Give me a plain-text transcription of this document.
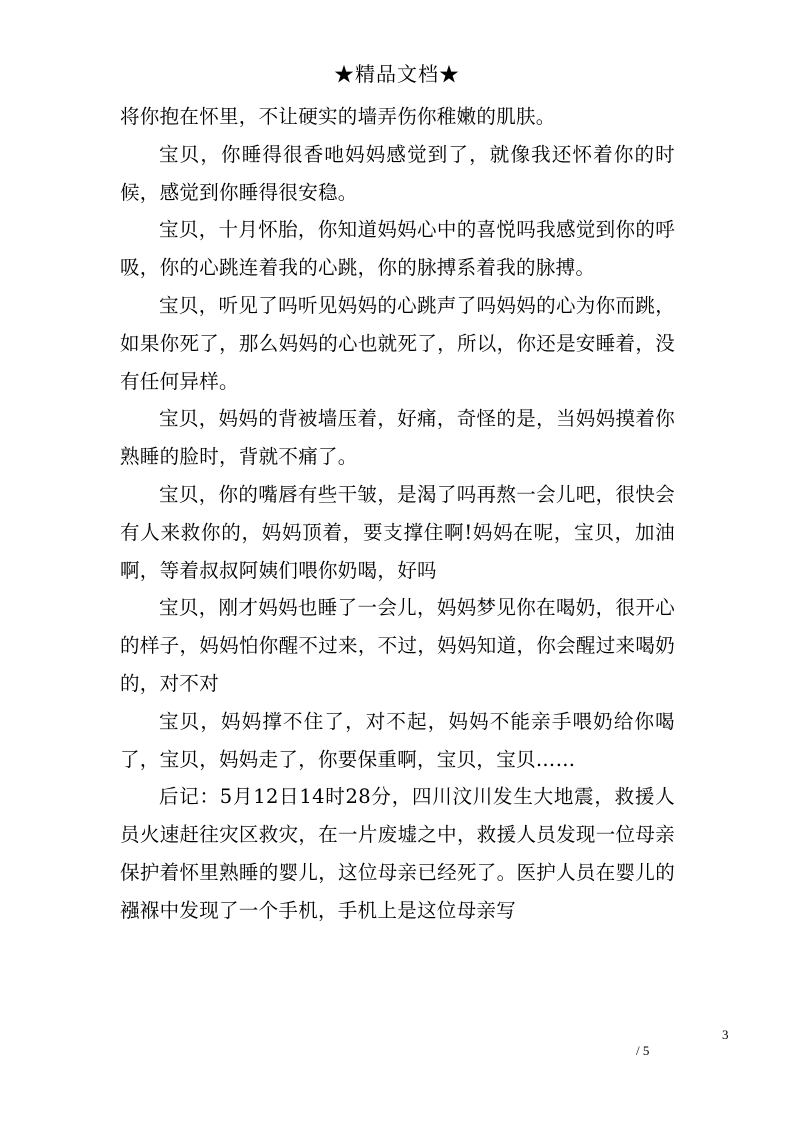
★精品文档★

将你抱在怀里，不让硬实的墙弄伤你稚嫩的肌肤。

宝贝，你睡得很香吔妈妈感觉到了，就像我还怀着你的时候，感觉到你睡得很安稳。

宝贝，十月怀胎，你知道妈妈心中的喜悦吗我感觉到你的呼吸，你的心跳连着我的心跳，你的脉搏系着我的脉搏。

宝贝，听见了吗听见妈妈的心跳声了吗妈妈的心为你而跳，如果你死了，那么妈妈的心也就死了，所以，你还是安睡着，没有任何异样。

宝贝，妈妈的背被墙压着，好痛，奇怪的是，当妈妈摸着你熟睡的脸时，背就不痛了。

宝贝，你的嘴唇有些干皱，是渴了吗再熬一会儿吧，很快会有人来救你的，妈妈顶着，要支撑住啊!妈妈在呢，宝贝，加油啊，等着叔叔阿姨们喂你奶喝，好吗

宝贝，刚才妈妈也睡了一会儿，妈妈梦见你在喝奶，很开心的样子，妈妈怕你醒不过来，不过，妈妈知道，你会醒过来喝奶的，对不对

宝贝，妈妈撑不住了，对不起，妈妈不能亲手喂奶给你喝了，宝贝，妈妈走了，你要保重啊，宝贝，宝贝……

后记：5月12日14时28分，四川汶川发生大地震，救援人员火速赶往灾区救灾，在一片废墟之中，救援人员发现一位母亲保护着怀里熟睡的婴儿，这位母亲已经死了。医护人员在婴儿的襁褓中发现了一个手机，手机上是这位母亲写

3
/ 5
